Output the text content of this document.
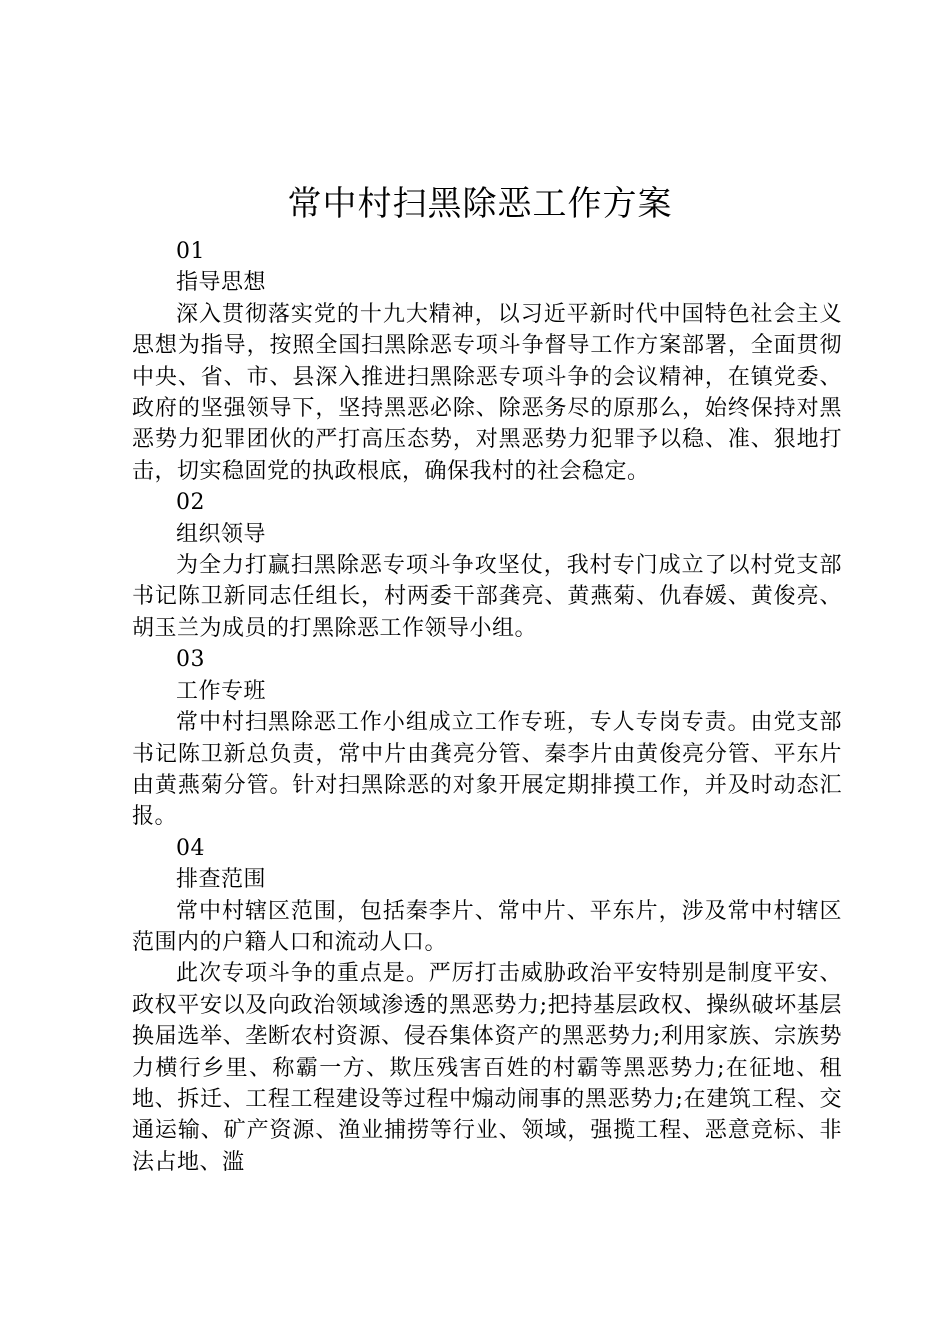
常中村扫黑除恶工作方案
01
指导思想
深入贯彻落实党的十九大精神，以习近平新时代中国特色社会主义思想为指导，按照全国扫黑除恶专项斗争督导工作方案部署，全面贯彻中央、省、市、县深入推进扫黑除恶专项斗争的会议精神，在镇党委、政府的坚强领导下，坚持黑恶必除、除恶务尽的原那么，始终保持对黑恶势力犯罪团伙的严打高压态势，对黑恶势力犯罪予以稳、准、狠地打击，切实稳固党的执政根底，确保我村的社会稳定。
02
组织领导
为全力打赢扫黑除恶专项斗争攻坚仗，我村专门成立了以村党支部书记陈卫新同志任组长，村两委干部龚亮、黄燕菊、仇春媛、黄俊亮、胡玉兰为成员的打黑除恶工作领导小组。
03
工作专班
常中村扫黑除恶工作小组成立工作专班，专人专岗专责。由党支部书记陈卫新总负责，常中片由龚亮分管、秦李片由黄俊亮分管、平东片由黄燕菊分管。针对扫黑除恶的对象开展定期排摸工作，并及时动态汇报。
04
排查范围
常中村辖区范围，包括秦李片、常中片、平东片，涉及常中村辖区范围内的户籍人口和流动人口。
此次专项斗争的重点是。严厉打击威胁政治平安特别是制度平安、政权平安以及向政治领域渗透的黑恶势力;把持基层政权、操纵破坏基层换届选举、垄断农村资源、侵吞集体资产的黑恶势力;利用家族、宗族势力横行乡里、称霸一方、欺压残害百姓的村霸等黑恶势力;在征地、租地、拆迁、工程工程建设等过程中煽动闹事的黑恶势力;在建筑工程、交通运输、矿产资源、渔业捕捞等行业、领域，强揽工程、恶意竞标、非法占地、滥
